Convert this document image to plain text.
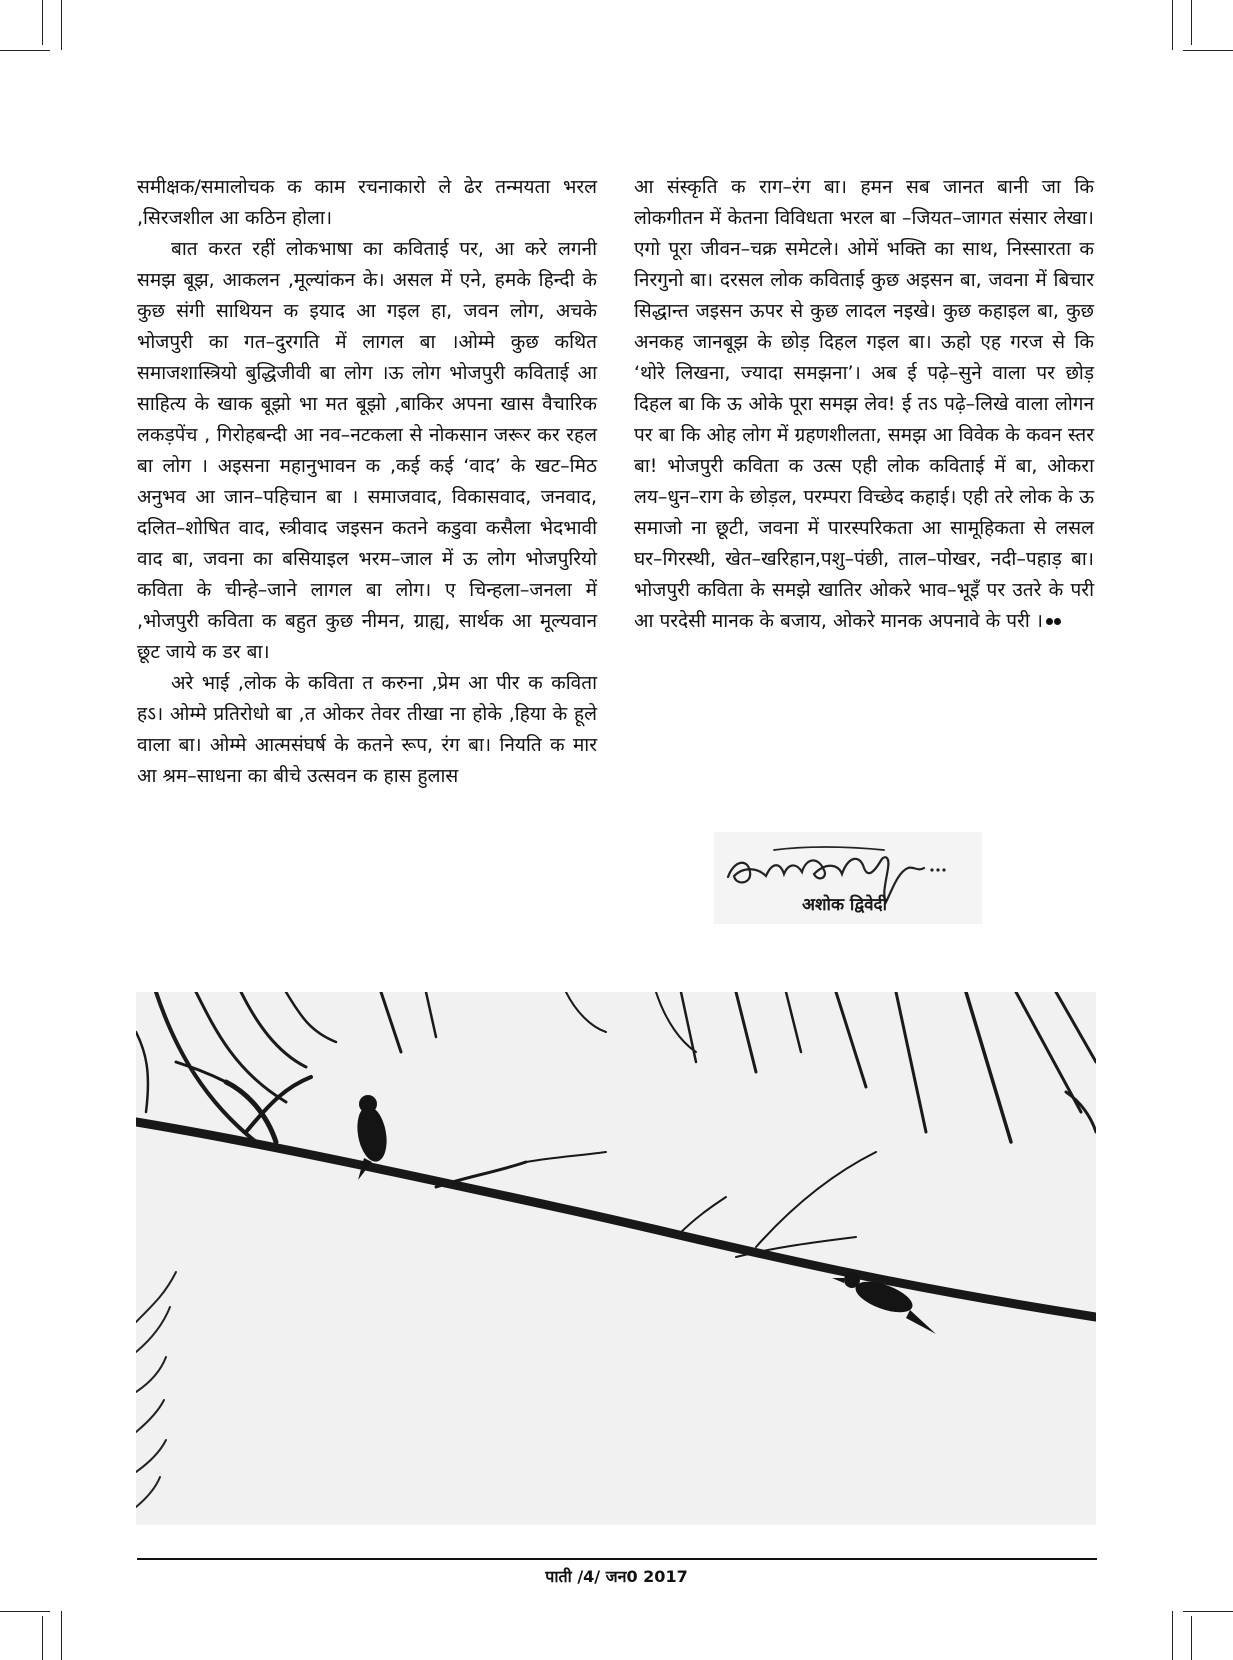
समीक्षक/समालोचक क काम रचनाकारो ले ढेर तन्मयता भरल ,सिरजशील आ कठिन होला।

बात करत रहीं लोकभाषा का कविताई पर, आ करे लगनी समझ बूझ, आकलन ,मूल्यांकन के। असल में एने, हमके हिन्दी के कुछ संगी साथियन क इयाद आ गइल हा, जवन लोग, अचके भोजपुरी का गत–दुरगति में लागल बा ।ओम्मे कुछ कथित समाजशास्त्रियो बुद्धिजीवी बा लोग ।ऊ लोग भोजपुरी कविताई आ साहित्य के खाक बूझो भा मत बूझो ,बाकिर अपना खास वैचारिक लकड़पेंच , गिरोहबन्दी आ नव–नटकला से नोकसान जरूर कर रहल बा लोग । अइसना महानुभावन क ,कई कई ‘वाद’ के खट–मिठ अनुभव आ जान–पहिचान बा । समाजवाद, विकासवाद, जनवाद, दलित–शोषित वाद, स्त्रीवाद जइसन कतने कडुवा कसैला भेदभावी वाद बा, जवना का बसियाइल भरम–जाल में ऊ लोग भोजपुरियो कविता के चीन्हे–जाने लागल बा लोग। ए चिन्हला–जनला में ,भोजपुरी कविता क बहुत कुछ नीमन, ग्राह्य, सार्थक आ मूल्यवान छूट जाये क डर बा।

अरे भाई ,लोक के कविता त करुना ,प्रेम आ पीर क कविता हऽ। ओम्मे प्रतिरोधो बा ,त ओकर तेवर तीखा ना होके ,हिया के हूले वाला बा। ओम्मे आत्मसंघर्ष के कतने रूप, रंग बा। नियति क मार आ श्रम–साधना का बीचे उत्सवन क हास हुलास

आ संस्कृति क राग–रंग बा। हमन सब जानत बानी जा कि लोकगीतन में केतना विविधता भरल बा –जियत–जागत संसार लेखा। एगो पूरा जीवन–चक्र समेटले। ओमें भक्ति का साथ, निस्सारता क निरगुनो बा। दरसल लोक कविताई कुछ अइसन बा, जवना में बिचार सिद्धान्त जइसन ऊपर से कुछ लादल नइखे। कुछ कहाइल बा, कुछ अनकह जानबूझ के छोड़ दिहल गइल बा। ऊहो एह गरज से कि ‘थोरे लिखना, ज्यादा समझना’। अब ई पढ़े–सुने वाला पर छोड़ दिहल बा कि ऊ ओके पूरा समझ लेव! ई तऽ पढ़े–लिखे वाला लोगन पर बा कि ओह लोग में ग्रहणशीलता, समझ आ विवेक के कवन स्तर बा! भोजपुरी कविता क उत्स एही लोक कविताई में बा, ओकरा लय–धुन–राग के छोड़ल, परम्परा विच्छेद कहाई। एही तरे लोक के ऊ समाजो ना छूटी, जवना में पारस्परिकता आ सामूहिकता से लसल घर–गिरस्थी, खेत–खरिहान,पशु–पंछी, ताल–पोखर, नदी–पहाड़ बा। भोजपुरी कविता के समझे खातिर ओकरे भाव–भूइँ पर उतरे के परी आ परदेसी मानक के बजाय, ओकरे मानक अपनावे के परी ।

अशोक द्विवेदी
पाती /4/ जन0 2017
